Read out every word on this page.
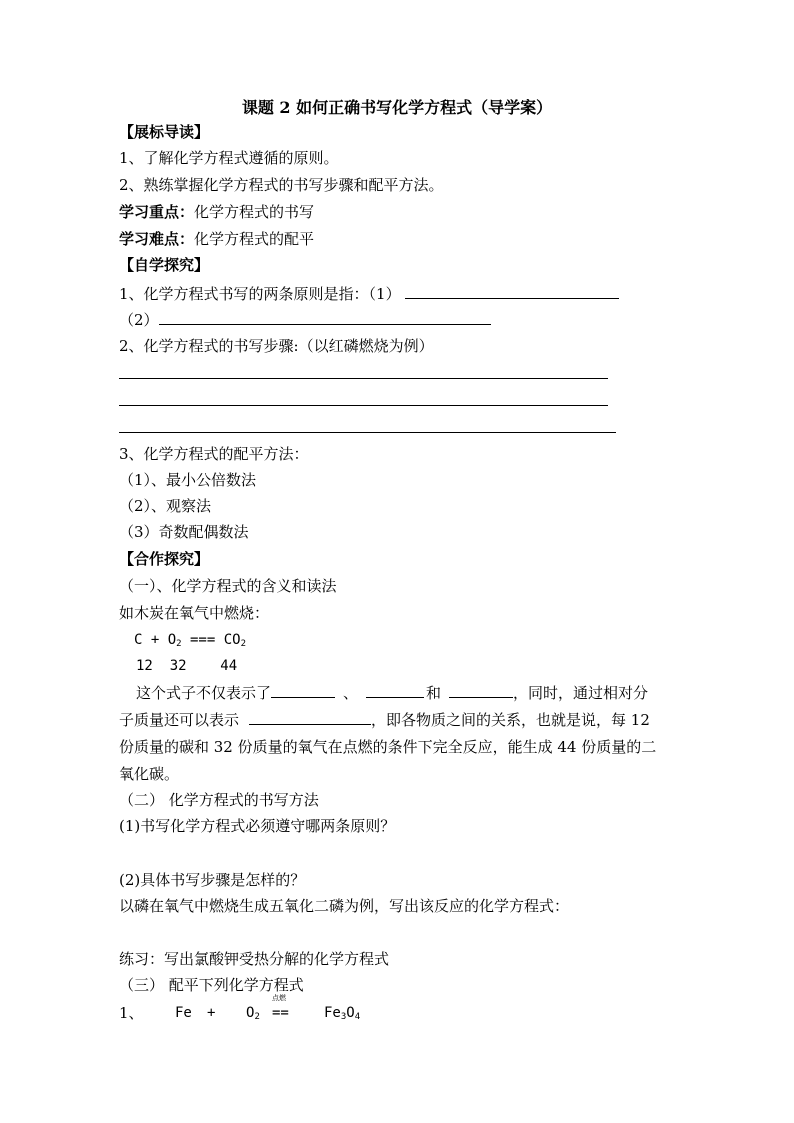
课题 2 如何正确书写化学方程式（导学案）
【展标导读】
1、了解化学方程式遵循的原则。
2、熟练掌握化学方程式的书写步骤和配平方法。
学习重点：化学方程式的书写
学习难点：化学方程式的配平
【自学探究】
1、化学方程式书写的两条原则是指：（1）
（2）
2、化学方程式的书写步骤:（以红磷燃烧为例）
3、化学方程式的配平方法：
（1）、最小公倍数法
（2）、观察法
（3）奇数配偶数法
【合作探究】
（一）、化学方程式的含义和读法
如木炭在氧气中燃烧：
$C + O_2$ === $CO_2$
12  32    44
这个式子不仅表示了	、	和	，同时，通过相对分
子质量还可以表示	，即各物质之间的关系，也就是说，每 12
份质量的碳和 32 份质量的氧气在点燃的条件下完全反应，能生成 44 份质量的二
氧化碳。
（二） 化学方程式的书写方法
(1)书写化学方程式必须遵守哪两条原则？
(2)具体书写步骤是怎样的？
以磷在氧气中燃烧生成五氧化二磷为例，写出该反应的化学方程式：
练习：写出氯酸钾受热分解的化学方程式
（三） 配平下列化学方程式
1、 $Fe + O_2$
点燃
==	$Fe_3O_4$
